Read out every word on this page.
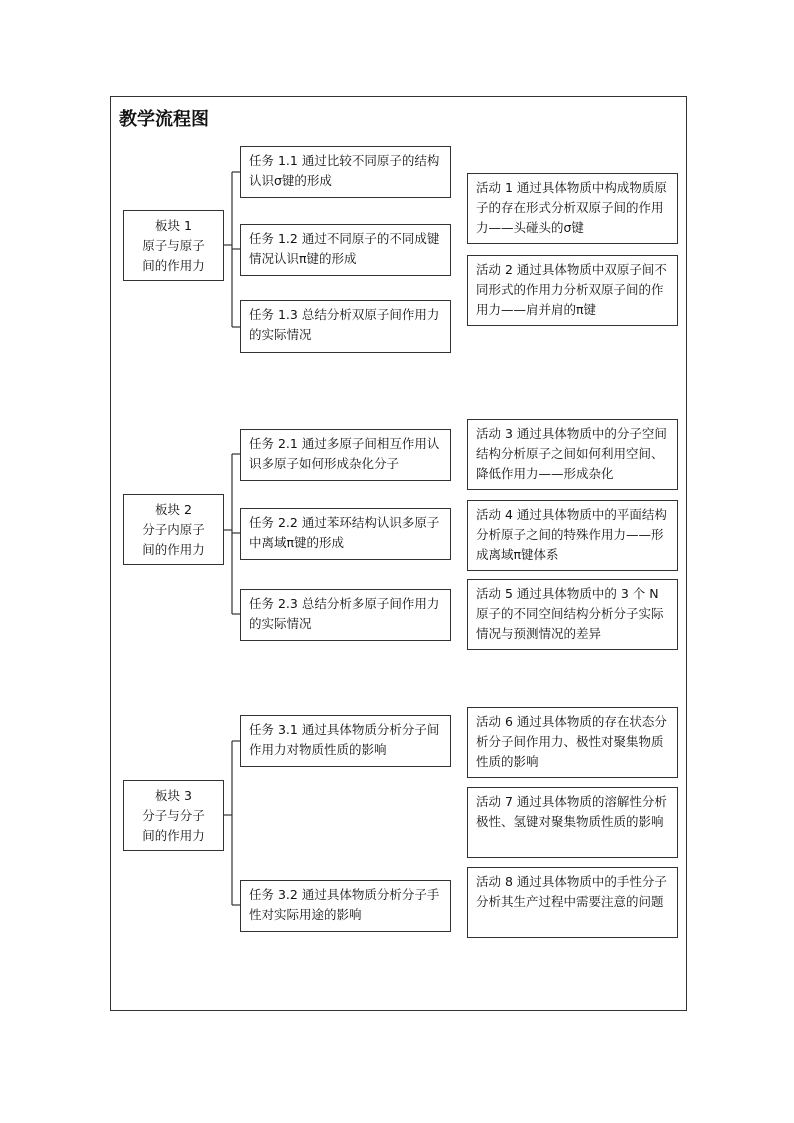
教学流程图
板块 1
原子与原子
间的作用力
任务 1.1 通过比较不同原子的结构认识σ键的形成
任务 1.2 通过不同原子的不同成键情况认识π键的形成
任务 1.3 总结分析双原子间作用力的实际情况
活动 1 通过具体物质中构成物质原子的存在形式分析双原子间的作用力——头碰头的σ键
活动 2 通过具体物质中双原子间不同形式的作用力分析双原子间的作用力——肩并肩的π键
板块 2
分子内原子
间的作用力
任务 2.1 通过多原子间相互作用认识多原子如何形成杂化分子
任务 2.2 通过苯环结构认识多原子中离域π键的形成
任务 2.3 总结分析多原子间作用力的实际情况
活动 3 通过具体物质中的分子空间结构分析原子之间如何利用空间、降低作用力——形成杂化
活动 4 通过具体物质中的平面结构分析原子之间的特殊作用力——形成离域π键体系
活动 5 通过具体物质中的 3 个 N 原子的不同空间结构分析分子实际情况与预测情况的差异
板块 3
分子与分子
间的作用力
任务 3.1 通过具体物质分析分子间作用力对物质性质的影响
任务 3.2 通过具体物质分析分子手性对实际用途的影响
活动 6 通过具体物质的存在状态分析分子间作用力、极性对聚集物质性质的影响
活动 7 通过具体物质的溶解性分析极性、氢键对聚集物质性质的影响
活动 8 通过具体物质中的手性分子分析其生产过程中需要注意的问题
